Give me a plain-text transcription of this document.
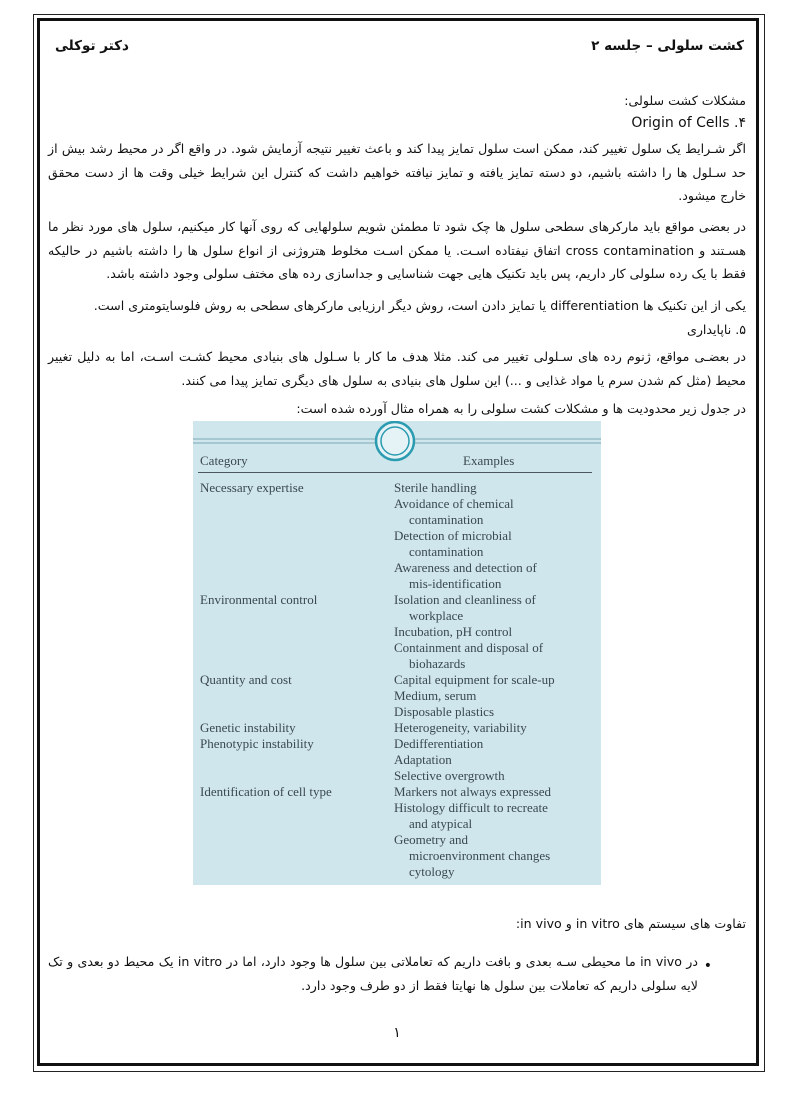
کشت سلولی – جلسه ۲
دکتر توکلی
مشکلات کشت سلولی:
۴. Origin of Cells
اگر شـرایط یک سلول تغییر کند، ممکن است سلول تمایز پیدا کند و باعث تغییر نتیجه آزمایش شود. در واقع اگر در محیط رشد بیش از حد سـلول ها را داشته باشیم، دو دسته تمایز یافته و تمایز نیافته خواهیم داشت که کنترل این شرایط خیلی وقت ها از دست محقق خارج میشود.
در بعضی مواقع باید مارکرهای سطحی سلول ها چک شود تا مطمئن شویم سلولهایی که روی آنها کار میکنیم، سلول های مورد نظر ما هسـتند و cross contamination اتفاق نیفتاده اسـت. یا ممکن اسـت مخلوط هتروژنی از انواع سلول ها را داشته باشیم در حالیکه فقط با یک رده سلولی کار داریم، پس باید تکنیک هایی جهت شناسایی و جداسازی رده های مختف سلولی وجود داشته باشد.
یکی از این تکنیک ها differentiation یا تمایز دادن است، روش دیگر ارزیابی مارکرهای سطحی به روش فلوسایتومتری است.
۵. ناپایداری
در بعضـی مواقع، ژنوم رده های سـلولی تغییر می کند. مثلا هدف ما کار با سـلول های بنیادی محیط کشـت اسـت، اما به دلیل تغییر محیط (مثل کم شدن سرم یا مواد غذایی و ...) این سلول های بنیادی به سلول های دیگری تمایز پیدا می کنند.
در جدول زیر محدودیت ها و مشکلات کشت سلولی را به همراه مثال آورده شده است:
Category	Examples
Necessary expertise	Sterile handling
Avoidance of chemical
contamination
Detection of microbial
contamination
Awareness and detection of
mis-identification
Environmental control	Isolation and cleanliness of
workplace
Incubation, pH control
Containment and disposal of
biohazards
Quantity and cost	Capital equipment for scale-up
Medium, serum
Disposable plastics
Genetic instability	Heterogeneity, variability
Phenotypic instability	Dedifferentiation
Adaptation
Selective overgrowth
Identification of cell type	Markers not always expressed
Histology difficult to recreate
and atypical
Geometry and
microenvironment changes
cytology
تفاوت های سیستم های in vitro و in vivo:
•
در in vivo ما محیطی سـه بعدی و بافت داریم که تعاملاتی بین سلول ها وجود دارد، اما در in vitro یک محیط دو بعدی و تک لایه سلولی داریم که تعاملات بین سلول ها نهایتا فقط از دو طرف وجود دارد.
۱
